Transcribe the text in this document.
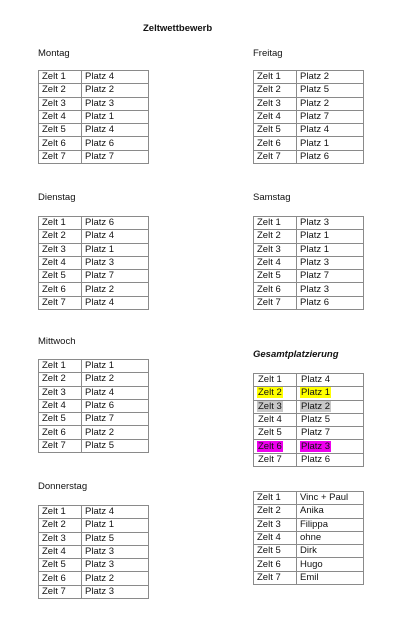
Zeltwettbewerb
Montag
Zelt 1	Platz 4
Zelt 2	Platz 2
Zelt 3	Platz 3
Zelt 4	Platz 1
Zelt 5	Platz 4
Zelt 6	Platz 6
Zelt 7	Platz 7
Freitag
Zelt 1	Platz 2
Zelt 2	Platz 5
Zelt 3	Platz 2
Zelt 4	Platz 7
Zelt 5	Platz 4
Zelt 6	Platz 1
Zelt 7	Platz 6
Dienstag
Zelt 1	Platz 6
Zelt 2	Platz 4
Zelt 3	Platz 1
Zelt 4	Platz 3
Zelt 5	Platz 7
Zelt 6	Platz 2
Zelt 7	Platz 4
Samstag
Zelt 1	Platz 3
Zelt 2	Platz 1
Zelt 3	Platz 1
Zelt 4	Platz 3
Zelt 5	Platz 7
Zelt 6	Platz 3
Zelt 7	Platz 6
Mittwoch
Zelt 1	Platz 1
Zelt 2	Platz 2
Zelt 3	Platz 4
Zelt 4	Platz 6
Zelt 5	Platz 7
Zelt 6	Platz 2
Zelt 7	Platz 5
Gesamtplatzierung
Zelt 1	Platz 4
Zelt 2	Platz 1
Zelt 3	Platz 2
Zelt 4	Platz 5
Zelt 5	Platz 7
Zelt 6	Platz 3
Zelt 7	Platz 6
Donnerstag
Zelt 1	Platz 4
Zelt 2	Platz 1
Zelt 3	Platz 5
Zelt 4	Platz 3
Zelt 5	Platz 3
Zelt 6	Platz 2
Zelt 7	Platz 3
Zelt 1	Vinc + Paul
Zelt 2	Anika
Zelt 3	Filippa
Zelt 4	ohne
Zelt 5	Dirk
Zelt 6	Hugo
Zelt 7	Emil
